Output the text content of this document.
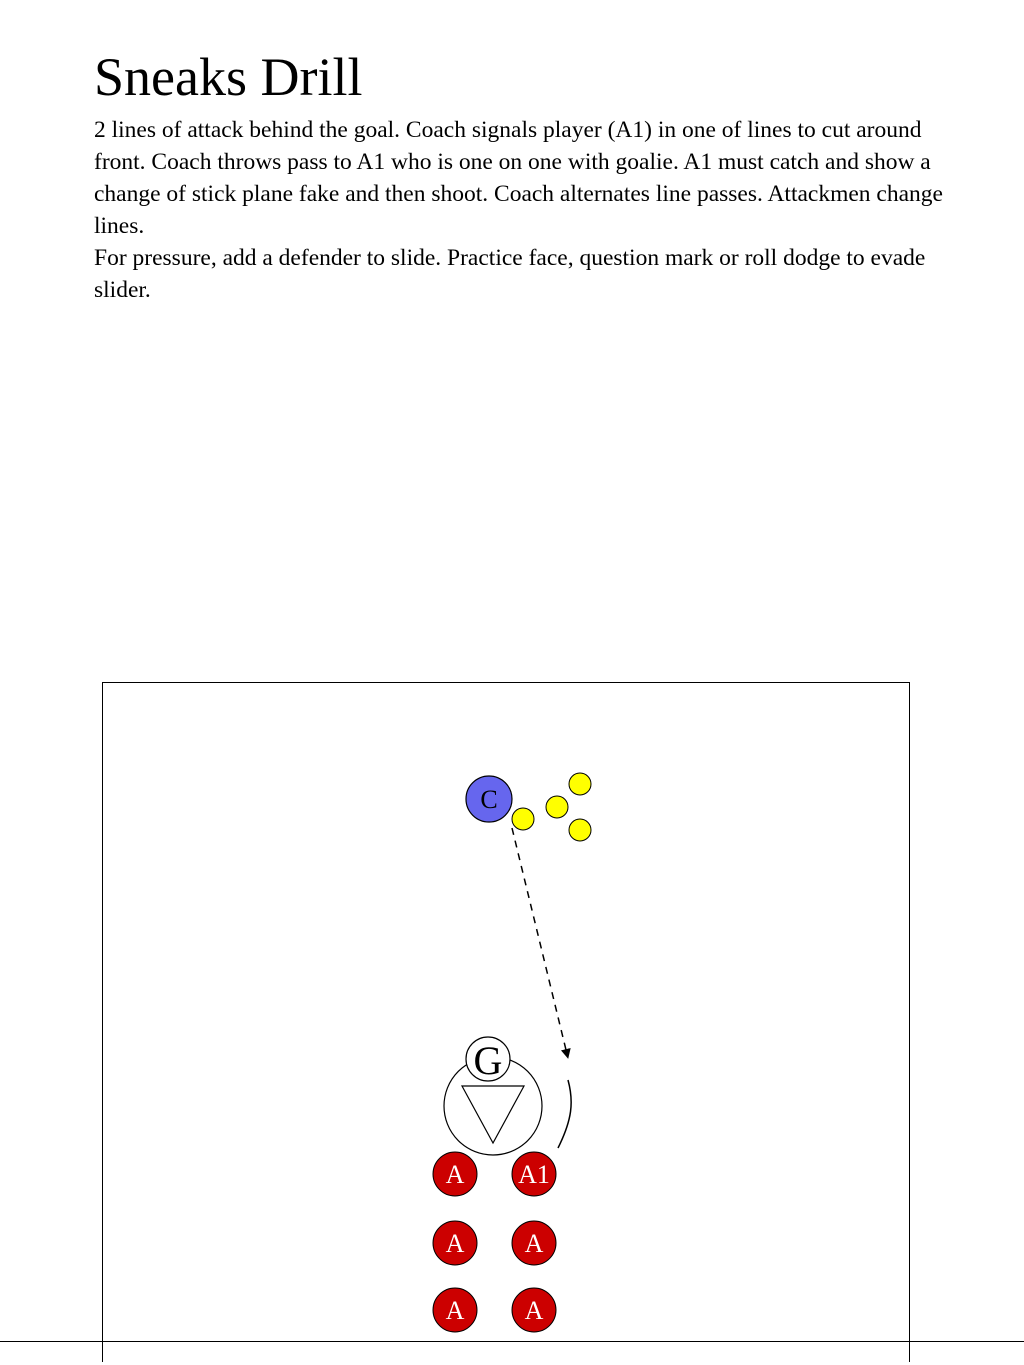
Sneaks Drill

2 lines of attack behind the goal. Coach signals player (A1) in one of lines to cut around front. Coach throws pass to A1 who is one on one with goalie. A1 must catch and show a change of stick plane fake and then shoot. Coach alternates line passes. Attackmen change lines.

For pressure, add a defender to slide. Practice face, question mark or roll dodge to evade slider.

G
C
A
A
A
A1
A
A
